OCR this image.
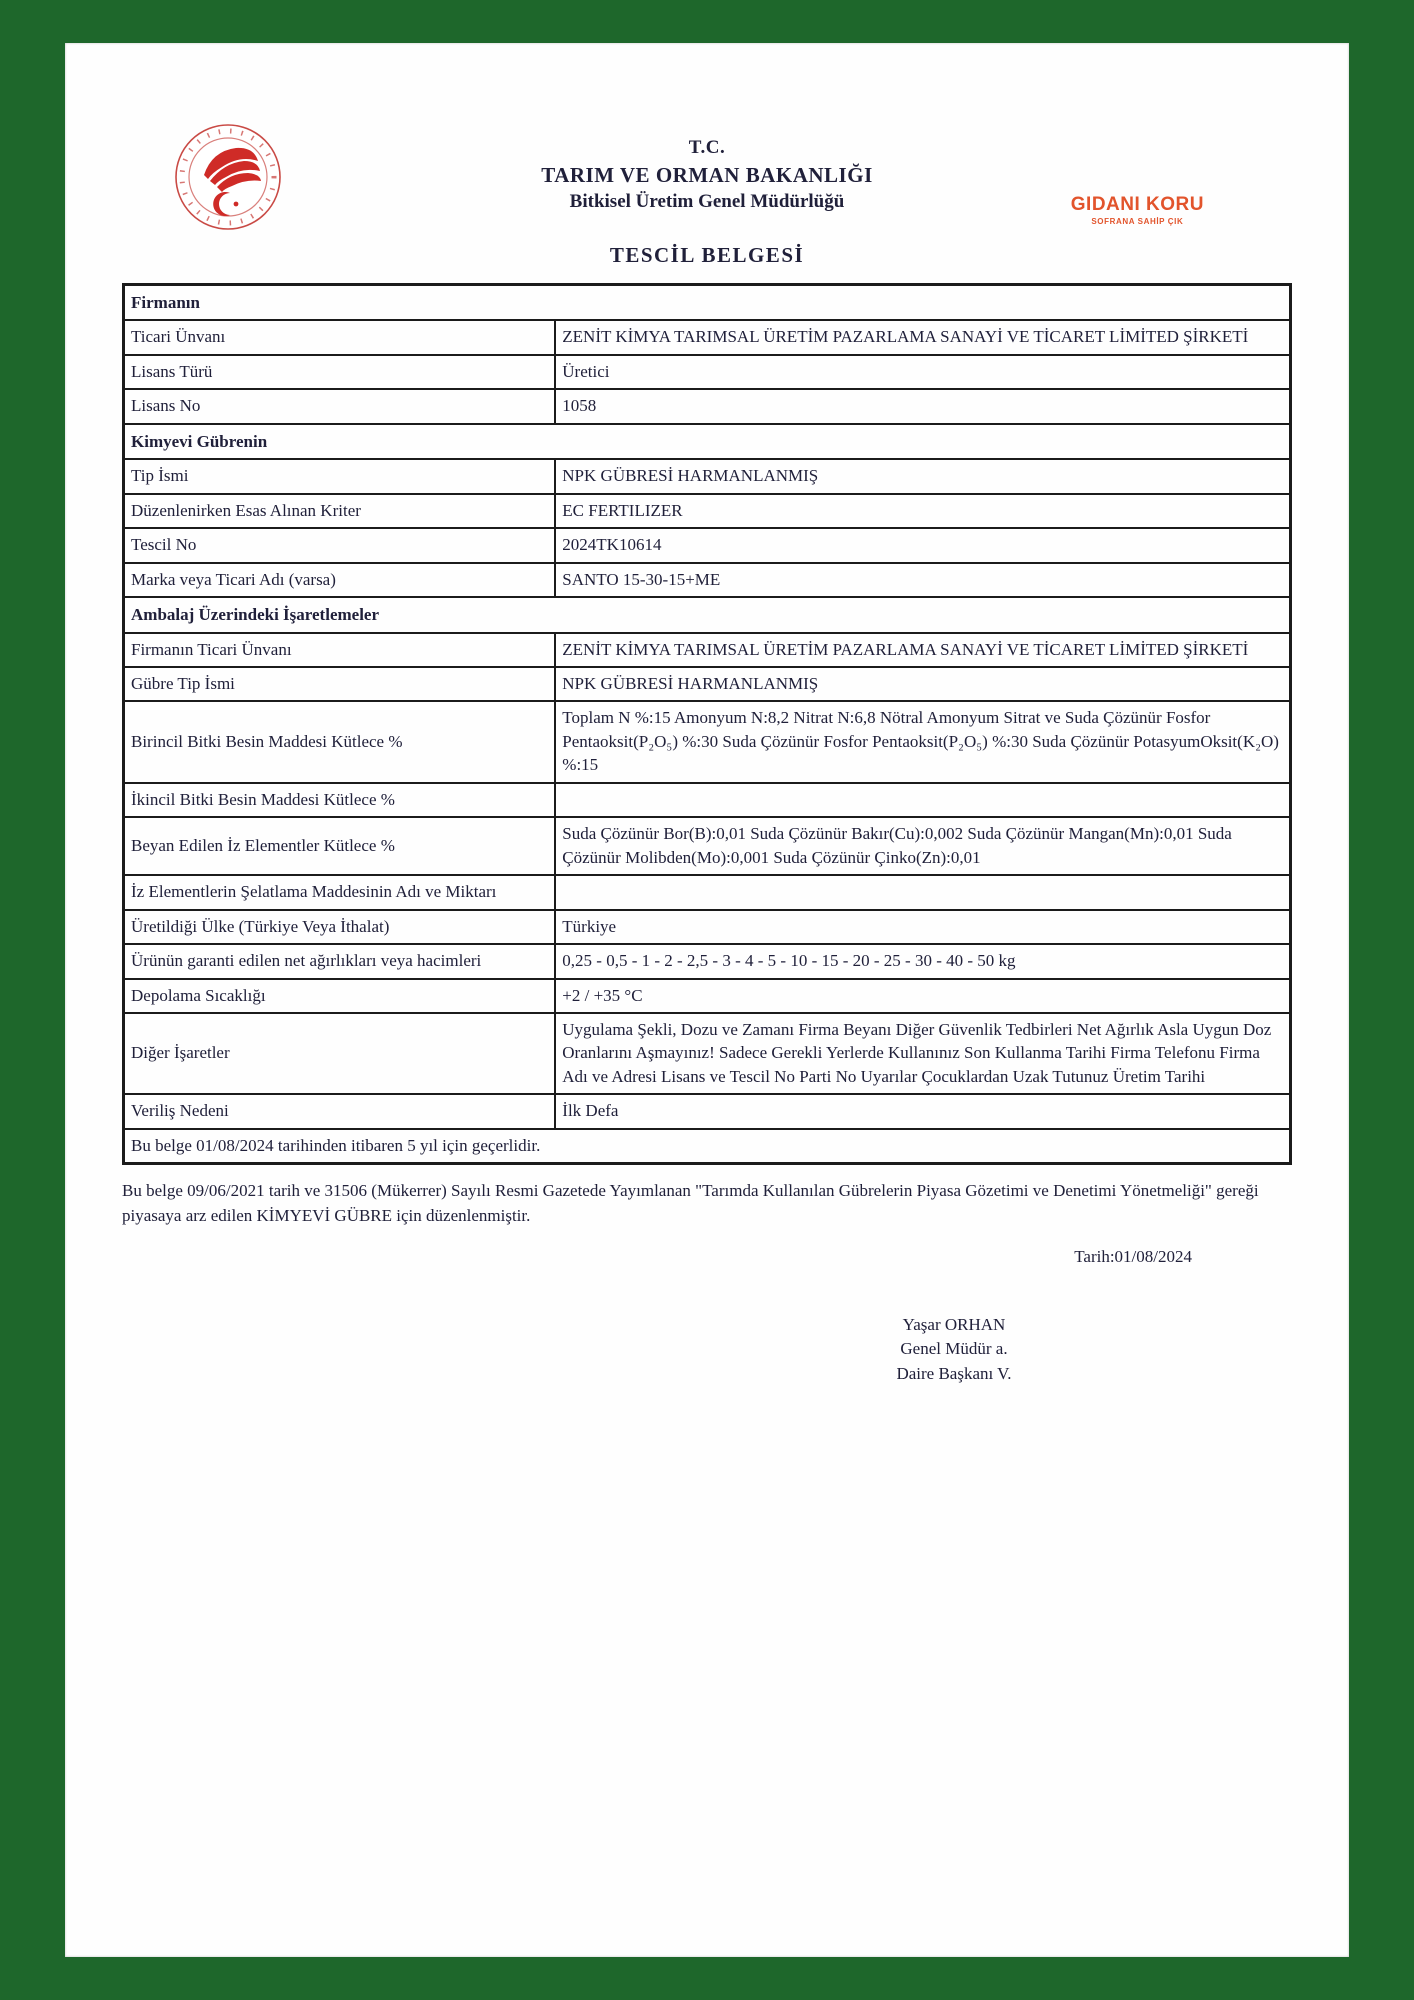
T.C.
TARIM VE ORMAN BAKANLIĞI
Bitkisel Üretim Genel Müdürlüğü	GIDANI KORU
SOFRANA SAHİP ÇIK
TESCİL BELGESİ
Firmanın	
Ticari Ünvanı	ZENİT KİMYA TARIMSAL ÜRETİM PAZARLAMA SANAYİ VE TİCARET LİMİTED ŞİRKETİ
Lisans Türü	Üretici
Lisans No	1058
Kimyevi Gübrenin	
Tip İsmi	NPK GÜBRESİ HARMANLANMIŞ
Düzenlenirken Esas Alınan Kriter	EC FERTILIZER
Tescil No	2024TK10614
Marka veya Ticari Adı (varsa)	SANTO 15-30-15+ME
Ambalaj Üzerindeki İşaretlemeler	
Firmanın Ticari Ünvanı	ZENİT KİMYA TARIMSAL ÜRETİM PAZARLAMA SANAYİ VE TİCARET LİMİTED ŞİRKETİ
Gübre Tip İsmi	NPK GÜBRESİ HARMANLANMIŞ
Birincil Bitki Besin Maddesi Kütlece %	Toplam N %:15 Amonyum N:8,2 Nitrat N:6,8 Nötral Amonyum Sitrat ve Suda Çözünür Fosfor Pentaoksit(P₂O₅) %:30 Suda Çözünür Fosfor Pentaoksit(P₂O₅) %:30 Suda Çözünür PotasyumOksit(K₂O) %:15
İkincil Bitki Besin Maddesi Kütlece %	
Beyan Edilen İz Elementler Kütlece %	Suda Çözünür Bor(B):0,01 Suda Çözünür Bakır(Cu):0,002 Suda Çözünür Mangan(Mn):0,01 Suda Çözünür Molibden(Mo):0,001 Suda Çözünür Çinko(Zn):0,01
İz Elementlerin Şelatlama Maddesinin Adı ve Miktarı	
Üretildiği Ülke (Türkiye Veya İthalat)	Türkiye
Ürünün garanti edilen net ağırlıkları veya hacimleri	0,25 - 0,5 - 1 - 2 - 2,5 - 3 - 4 - 5 - 10 - 15 - 20 - 25 - 30 - 40 - 50 kg
Depolama Sıcaklığı	+2 / +35 °C
Diğer İşaretler	Uygulama Şekli, Dozu ve Zamanı Firma Beyanı Diğer Güvenlik Tedbirleri Net Ağırlık Asla Uygun Doz Oranlarını Aşmayınız! Sadece Gerekli Yerlerde Kullanınız Son Kullanma Tarihi Firma Telefonu Firma Adı ve Adresi Lisans ve Tescil No Parti No Uyarılar Çocuklardan Uzak Tutunuz Üretim Tarihi
Veriliş Nedeni	İlk Defa
Bu belge 01/08/2024 tarihinden itibaren 5 yıl için geçerlidir.	
Bu belge 09/06/2021 tarih ve 31506 (Mükerrer) Sayılı Resmi Gazetede Yayımlanan "Tarımda Kullanılan Gübrelerin Piyasa Gözetimi ve Denetimi Yönetmeliği" gereği piyasaya arz edilen KİMYEVİ GÜBRE için düzenlenmiştir.
Tarih:01/08/2024
Yaşar ORHAN
Genel Müdür a.
Daire Başkanı V.
